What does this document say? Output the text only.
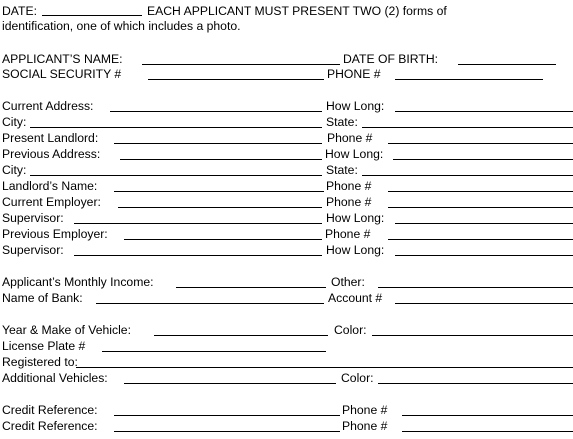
DATE:	EACH APPLICANT MUST PRESENT TWO (2) forms of
identification, one of which includes a photo.
APPLICANT’S NAME:	DATE OF BIRTH:
SOCIAL SECURITY #	PHONE #
Current Address:	How Long:
City:	State:
Present Landlord:	Phone #
Previous Address:	How Long:
City:	State:
Landlord’s Name:	Phone #
Current Employer:	Phone #
Supervisor:	How Long:
Previous Employer:	Phone #
Supervisor:	How Long:
Applicant’s Monthly Income:	Other:
Name of Bank:	Account #
Year & Make of Vehicle:	Color:
License Plate #
Registered to:
Additional Vehicles:	Color:
Credit Reference:	Phone #
Credit Reference:	Phone #
